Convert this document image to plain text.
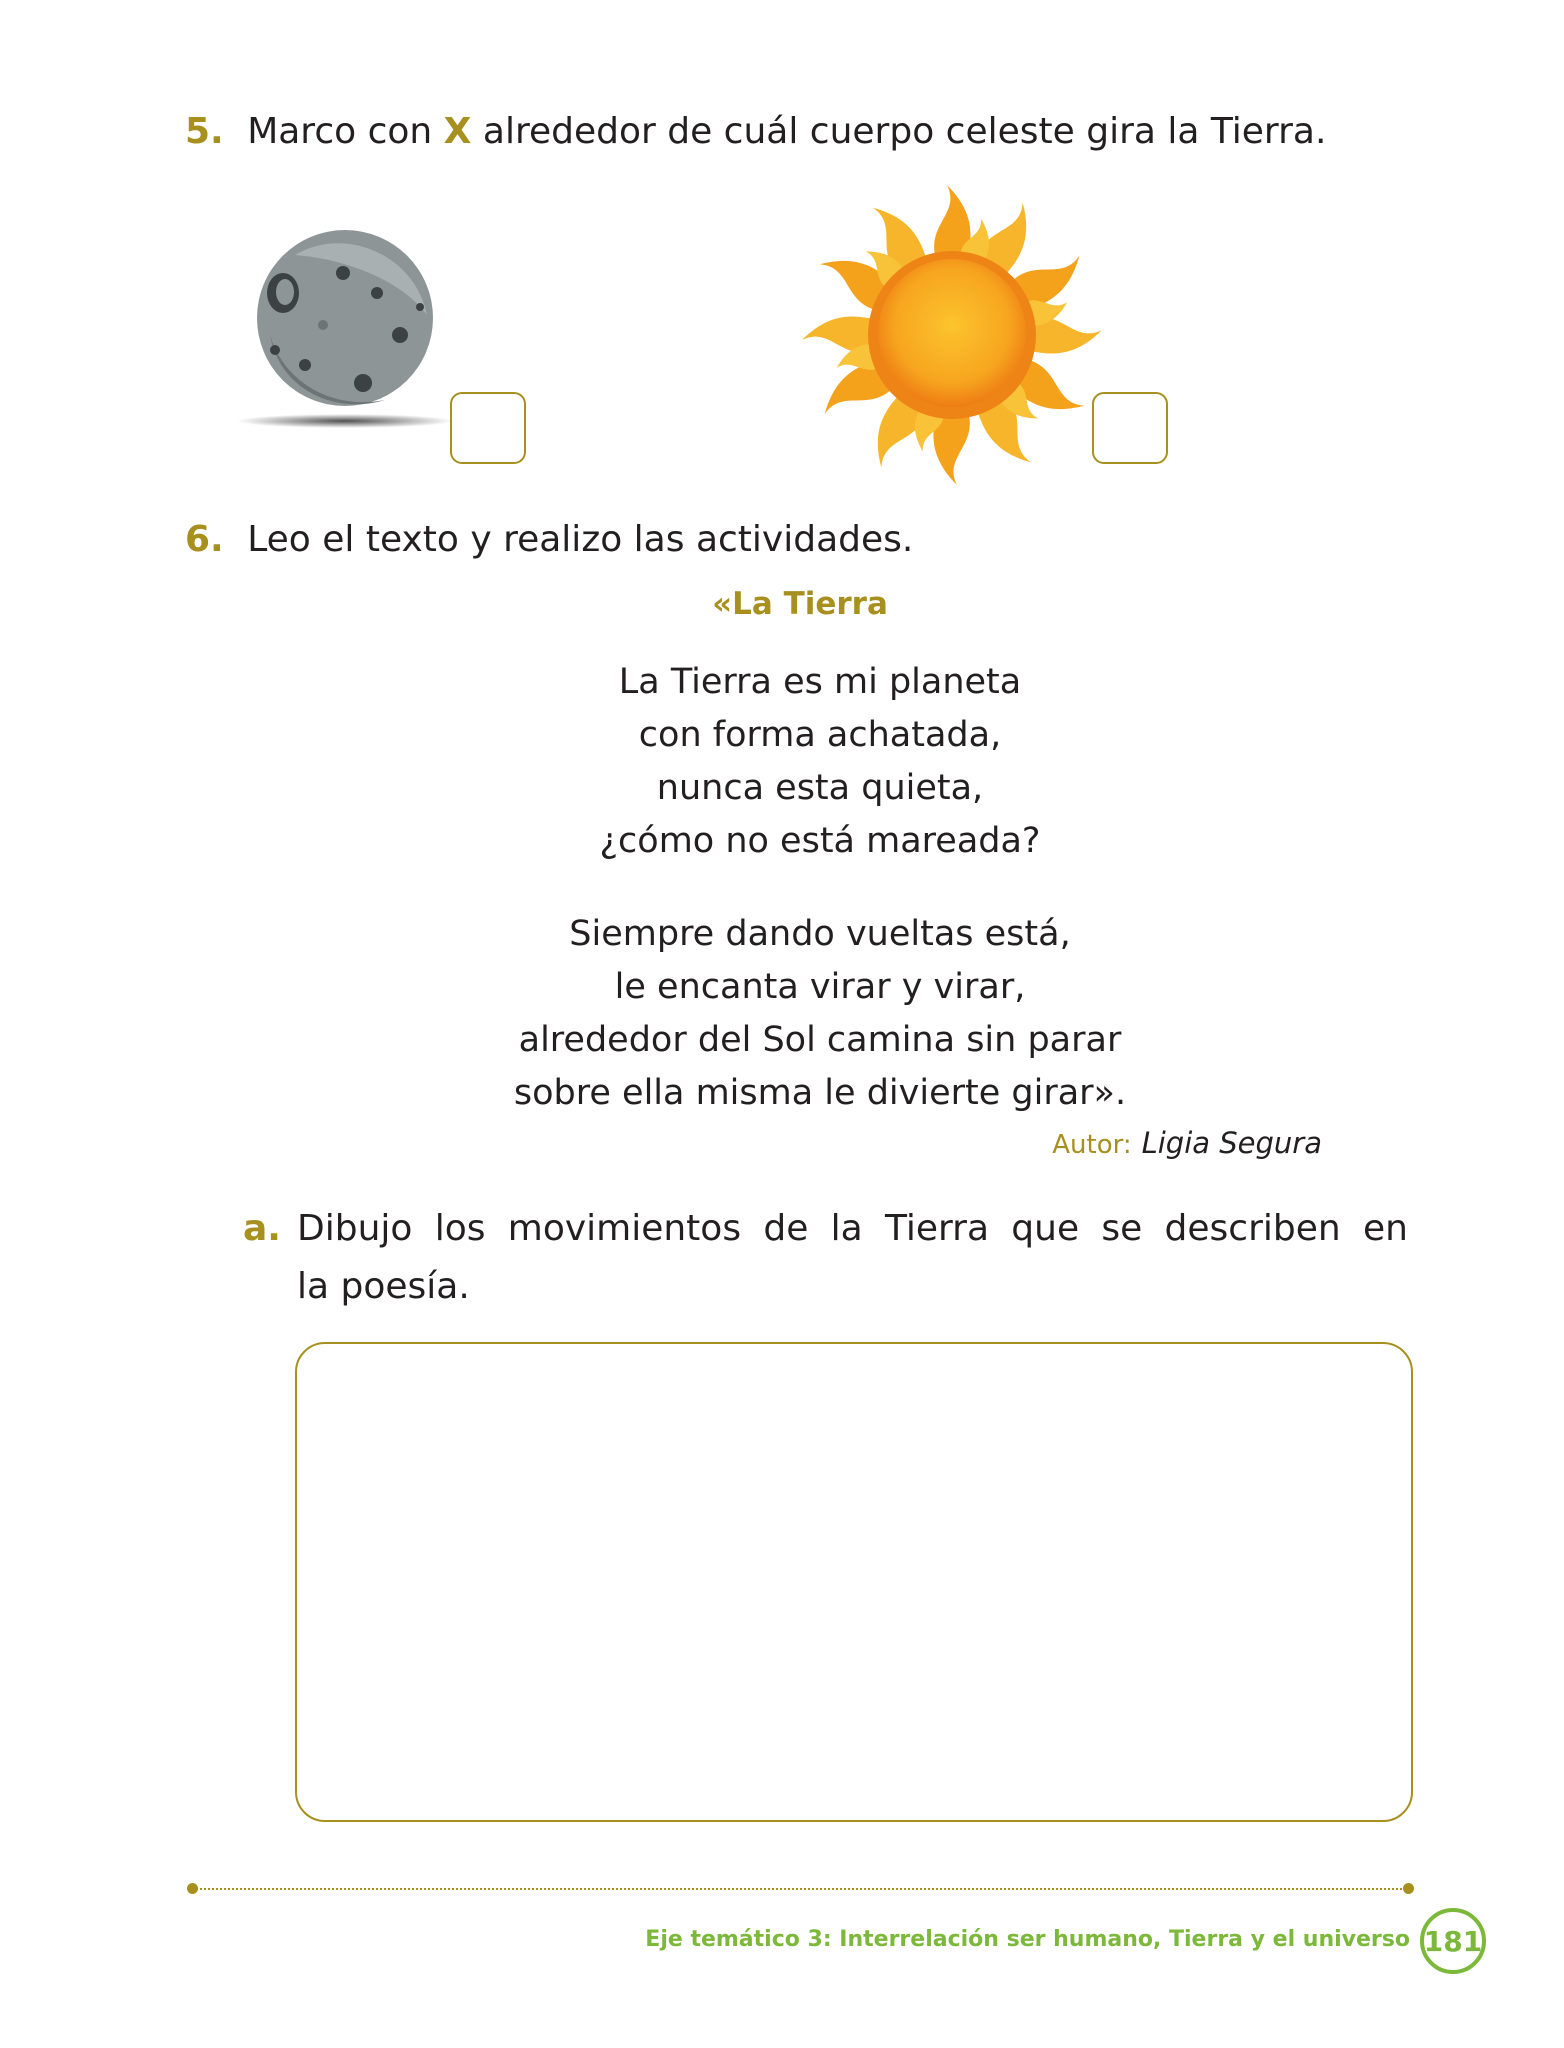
5. Marco con X alrededor de cuál cuerpo celeste gira la Tierra.
6. Leo el texto y realizo las actividades.
«La Tierra
La Tierra es mi planeta
con forma achatada,
nunca esta quieta,
¿cómo no está mareada?
Siempre dando vueltas está,
le encanta virar y virar,
alrededor del Sol camina sin parar
sobre ella misma le divierte girar».
Autor: Ligia Segura
a. Dibujo los movimientos de la Tierra que se describen en
la poesía.
Eje temático 3: Interrelación ser humano, Tierra y el universo 181
